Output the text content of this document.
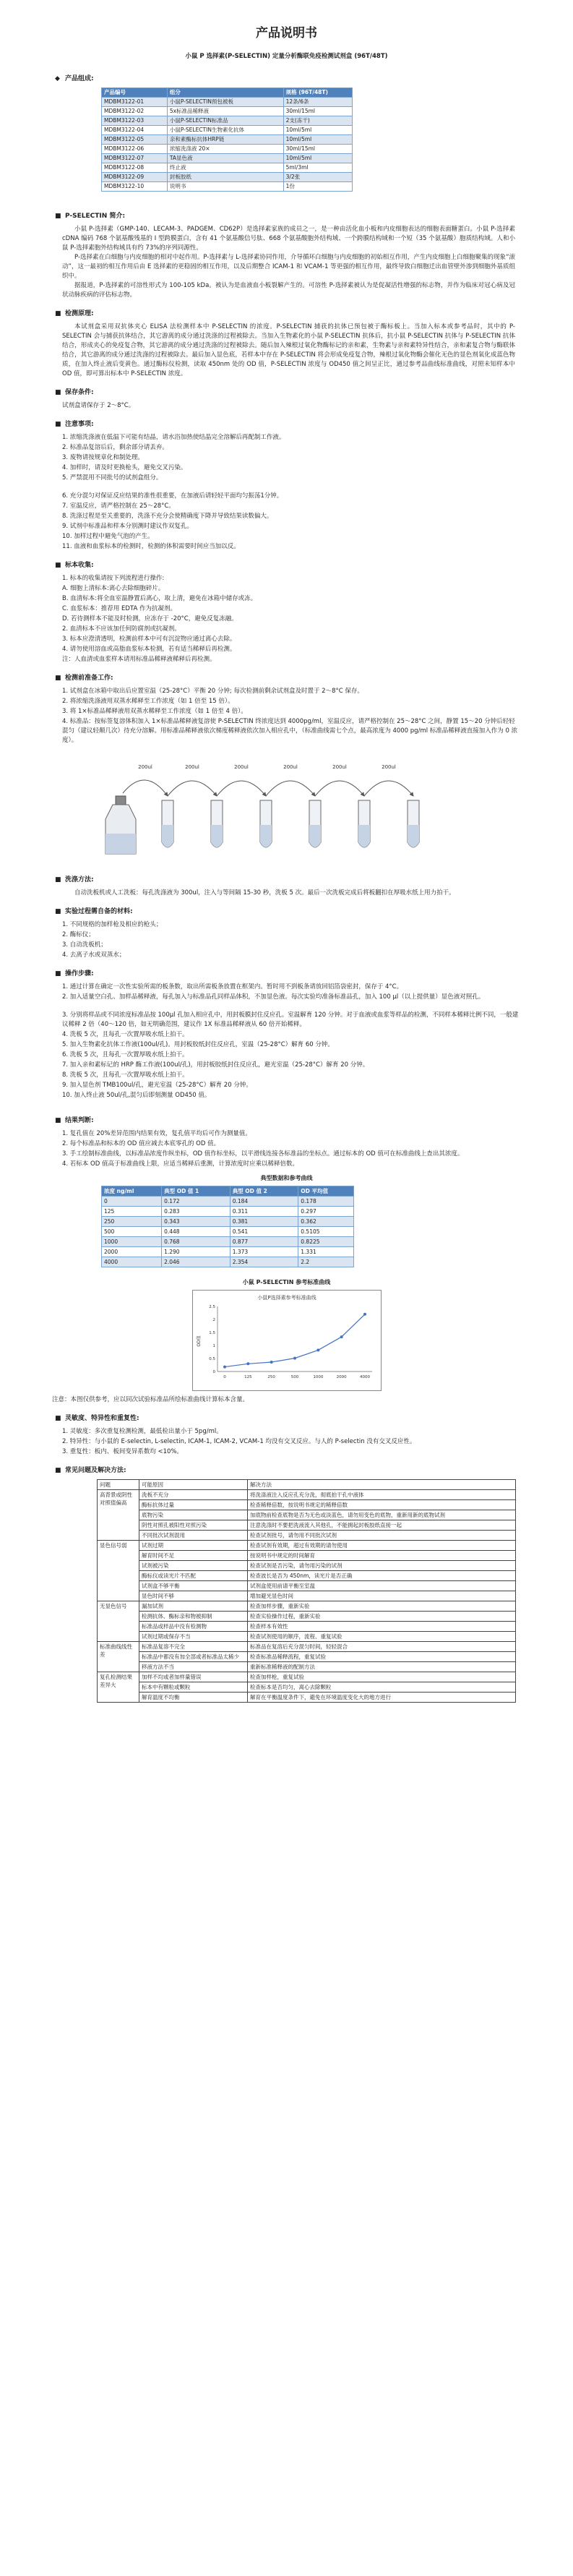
产品说明书
小鼠 P 选择素(P-SELECTIN) 定量分析酶联免疫检测试剂盒 (96T/48T)
◆ 产品组成:
产品编号	组分	规格 (96T/48T)
MDBM3122-01	小鼠P-SELECTIN预包被板	12条/6条
MDBM3122-02	5x标准品稀释液	30ml/15ml
MDBM3122-03	小鼠P-SELECTIN标准品	2支(冻干)
MDBM3122-04	小鼠P-SELECTIN生物素化抗体	10ml/5ml
MDBM3122-05	亲和素酶标抗体HRP链	10ml/5ml
MDBM3122-06	浓缩洗涤液 20×	30ml/15ml
MDBM3122-07	TA显色液	10ml/5ml
MDBM3122-08	终止液	5ml/3ml
MDBM3122-09	封板胶纸	3/2张
MDBM3122-10	说明书	1份
■ P-SELECTIN 简介:

小鼠 P-选择素（GMP-140、LECAM-3、PADGEM、CD62P）是选择素家族的成员之一，是一种由活化血小板和内皮细胞表达的细胞表面糖蛋白。小鼠 P-选择素 cDNA 编码 768 个氨基酸残基的 I 型跨膜蛋白，含有 41 个氨基酸信号肽、668 个氨基酸胞外结构域、一个跨膜结构域和一个短（35 个氨基酸）胞质结构域。人和小鼠 P-选择素胞外结构域具有约 73%的序列同源性。

P-选择素在白细胞与内皮细胞的相对中起作用。P-选择素与 L-选择素协同作用，介导循环白细胞与内皮细胞的初始相互作用，产生内皮细胞上白细胞聚集的现象“滚动”，这一最初的相互作用后由 E 选择素的更稳固的相互作用，以及后期整合 ICAM-1 和 VCAM-1 等更强的相互作用，最终导致白细胞迁出血管壁外渗到细胞外基质组织中。

据报道，P-选择素的可溶性形式为 100-105 kDa。被认为是血液血小板裂解产生的。可溶性 P-选择素被认为是促凝活性增强的标志物，并作为临床对冠心病及冠状动脉疾病的评估标志物。

■ 检测原理:

本试剂盒采用双抗体夹心 ELISA 法检测样本中 P-SELECTIN 的浓度。P-SELECTIN 捕获的抗体已预包被于酶标板上。当加入标本或参考品时，其中的 P-SELECTIN 会与捕获抗体结合，其它游离的成分通过洗涤的过程被除去。当加入生物素化的小鼠 P-SELECTIN 抗体后，抗小鼠 P-SELECTIN 抗体与 P-SELECTIN 抗体结合，形成夹心的免疫复合物，其它游离的成分通过洗涤的过程被除去。随后加入辣根过氧化物酶标记的亲和素，生物素与亲和素特异性结合，亲和素复合物与酶联体结合，其它游离的成分通过洗涤的过程被除去。最后加入显色底，若样本中存在 P-SELECTIN 将会形成免疫复合物，辣根过氧化物酶会催化无色的显色剂氧化成蓝色物质，在加入终止液后变黄色。通过酶标仪检测，读取 450nm 处的 OD 值，P-SELECTIN 浓度与 OD450 值之间呈正比，通过参考品曲线标准曲线，对照未知样本中 OD 值，即可算出标本中 P-SELECTIN 浓度。

■ 保存条件:
试剂盒请保存于 2～8°C。
■ 注意事项:
1. 浓缩洗涤液在低温下可能有结晶，请水浴加热使结晶完全溶解后再配制工作液。
2. 标准品复溶后后，剩余部分请丢弃。
3. 废物请按规章化和制处理。
4. 加样时，请及时更换枪头，避免交叉污染。
5. 严禁混用不同批号的试剂盒组分。
6. 充分混匀对保证反应结果的准性很重要，在加液后请轻轻平面均匀振荡1分钟。
7. 室温反应，请严格控制在 25～28°C。
8. 洗涤过程是至关重要的，洗涤不充分会使精确度下降并导致结果读数偏大。
9. 试剂中标准品和样本分别测时建议作双复孔。
10. 加样过程中避免气泡的产生。
11. 血液和血浆标本的检测时，检测的体积需要时间应当加以反。
■ 标本收集:
1. 标本的收集请按下列流程进行操作:
A. 细胞上清标本:离心去除细胞碎片。
B. 血清标本:将全血室温静置后离心，取上清，避免在冰箱中储存或冻。
C. 血浆标本：推荐用 EDTA 作为抗凝剂。
D. 若待测样本不能及时检测，应冻存于 -20°C，避免反复冻融。
2. 血清标本不应该加任何防腐剂或抗凝剂。
3. 标本应澄清透明，检测前样本中可有沉淀物应通过离心去除。
4. 请勿使用溶血或高脂血浆标本检测，若有适当稀释后再检测。
注：人血清或血浆样本请用标准品稀释液稀释后再检测。
■ 检测前准备工作:
1. 试剂盒在冰箱中取出后应置室温（25-28°C）平衡 20 分钟; 每次检测前剩余试剂盒及时置于 2～8°C 保存。
2. 将浓缩洗涤液用双蒸水稀释至工作浓度（如 1 倍至 15 倍）。
3. 将 1×标准品稀释液用双蒸水稀释至工作浓度（如 1 倍至 4 倍）。
4. 标准品：按标签复溶体积加入 1×标准品稀释液复溶使 P-SELECTIN 终浓度达到 4000pg/ml，室温反应，请严格控制在 25～28°C 之间，静置 15～20 分钟后轻轻混匀（建议轻颠几次）待充分溶解。用标准品稀释液依次梯度稀释液依次加入相应孔中，（标准曲线需七个点，最高浓度为 4000 pg/ml 标准品稀释液直接加入作为 0 浓度）。
200ul	200ul	200ul	200ul	200ul	200ul
■ 洗涤方法:

自动洗板机或人工洗板：每孔洗涤液为 300ul，注入与等间隔 15-30 秒，洗板 5 次。最后一次洗板完成后将板翻扣在厚吸水纸上用力拍干。

■ 实验过程需自备的材料:
1. 不同规格的加样枪及相应的枪头；
2. 酶标仪；
3. 自动洗板机；
4. 去离子水或双蒸水；
■ 操作步骤:
1. 通过计算在确定一次性实验所需的板条数，取出所需板条放置在框架内。暂时用不到板条请放回铝箔袋密封，保存于 4°C。
2. 加入适量空白孔、加样品稀释液，每孔加入与标准品孔同样品体积，不加显色液。每次实验均准备标准品孔，加入 100 μl（以上提供量）显色液对照孔。
3. 分别将样品或不同浓度标准品按 100μl 孔加入相应孔中，用封板膜封住反应孔。室温解育 120 分钟。对于血液或血浆等样品的检测，不同样本稀释比例不同，一般建议稀释 2 倍（40～120 倍，如无明确范围，建议作 1X 标准品稀释液从 60 倍开始稀释。
4. 洗板 5 次，且每孔一次置厚吸水纸上拍干。
5. 加入生物素化抗体工作液(100ul/孔)。用封板胶纸封住反应孔，室温（25-28°C）解育 60 分钟。
6. 洗板 5 次，且每孔一次置厚吸水纸上拍干。
7. 加入亲和素标记的 HRP 酶工作液(100ul/孔)，用封板胶纸封住反应孔，避光室温（25-28°C）解育 20 分钟。
8. 洗板 5 次，且每孔一次置厚吸水纸上拍干。
9. 加入显色剂 TMB100ul/孔，避光室温（25-28°C）解育 20 分钟。
10. 加入终止液 50ul/孔,混匀后即刻测量 OD450 值。
■ 结果判断:
1. 复孔值在 20%差异范围内结果有效，复孔值平均后可作为测量值。
2. 每个标准品和标本的 OD 值应减去本底零孔的 OD 值。
3. 手工绘制标准曲线，以标准品浓度作纵坐标，OD 值作标坐标，以平滑线连接各标准品的坐标点。通过标本的 OD 值可在标准曲线上查出其浓度。
4. 若标本 OD 值高于标准曲线上限，应适当稀释后重测，计算浓度时应乘以稀释倍数。
典型数据和参考曲线
浓度 ng/ml	典型 OD 值 1	典型 OD 值 2	OD 平均值
0	0.172	0.184	0.178
125	0.283	0.311	0.297
250	0.343	0.381	0.362
500	0.448	0.541	0.5105
1000	0.768	0.877	0.8225
2000	1.290	1.373	1.331
4000	2.046	2.354	2.2
小鼠 P-SELECTIN 参考标准曲线
小鼠P选择素参考标准曲线
OD值
0
0.5
1
1.5
2
2.5
0	125	250	500	1000	2000	4000
注意：本图仅供参考，应以同次试验标准品所绘标准曲线计算标本含量。
■ 灵敏度、特异性和重复性:
1. 灵敏度：多次重复检测检测，最低检出量小于 5pg/ml。
2. 特异性：与小鼠的 E-selectin, L-selectin, ICAM-1, ICAM-2, VCAM-1 均没有交叉反应。与人的 P-selectin 没有交叉反应性。
3. 重复性：板内、板间变异系数均 <10%。
■ 常见问题及解决方法:
问题	可能原因	解决方法
高背景或阴性对照值偏高	洗板不充分	将洗涤液注入反应孔充分洗，彻底拍干孔中液体
	酶标抗体过量	检查稀释倍数，按说明书规定的稀释倍数
	底物污染	加底物前检查底物是否为无色或淡蓝色，请勿用变色的底物，重新用新的底物试剂
	阴性对照孔被阳性对照污染	注意洗涤时不要把洗液流入其他孔，不能拥起封板胶纸直接一起
	不同批次试剂混用	检查试剂批号，请勿用不同批次试剂
显色信号弱	试剂过期	检查试剂有效期，超过有效期的请勿使用
	解育时间不足	按说明书中规定的时间解育
	试剂被污染	检查试剂是否污染，请勿用污染的试剂
	酶标仪或读光片不匹配	检查波长是否为 450nm，读光片是否正确
	试剂盒不够平衡	试剂盒使用前请平衡至室温
	显色时间不够	增加避光显色时间
无显色信号	漏加试剂	检查加样步骤，重新实验
	检测抗体、酶标亲和物被抑制	检查实验操作过程，重新实验
	标准品或样品中没有检测物	检查样本有效性
	试剂过期或保存不当	检查试剂使用的顺序，流程、重复试验
标准曲线线性差	标准品复溶不完全	标准品在复溶后充分混匀时间，轻轻混合
	标准品中都没有加全部或者标准品太稀少	检查标准品稀释流程，重复试验
	移液方法不当	重新标准稀释液的配制方法
复孔检测结果差异大	加样不均或者加样量错误	检查加样枪，重复试验
	标本中有颗粒或颗粒	检查标本是否均匀，离心去除颗粒
	解育温度不均衡	解育在平衡温度条件下，避免在环境温度变化大的地方进行
